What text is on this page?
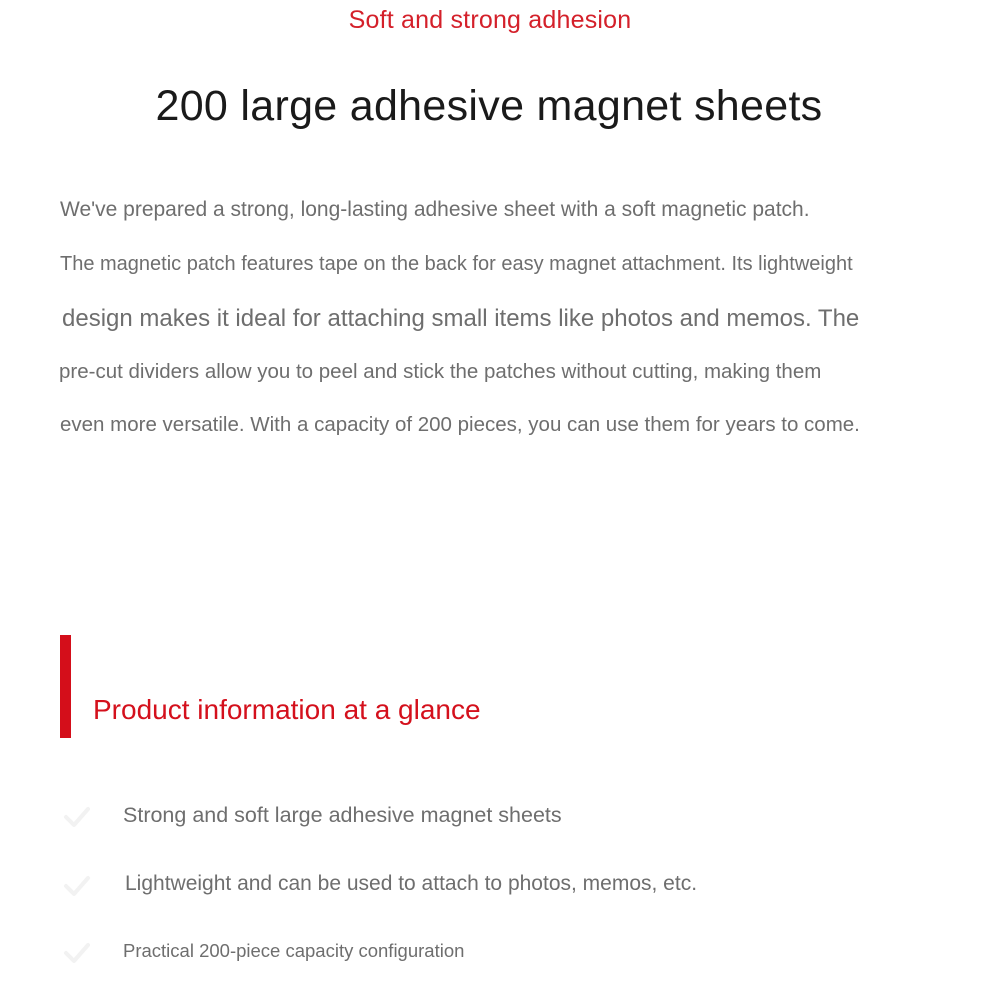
Soft and strong adhesion
200 large adhesive magnet sheets
We've prepared a strong, long-lasting adhesive sheet with a soft magnetic patch.
The magnetic patch features tape on the back for easy magnet attachment. Its lightweight
design makes it ideal for attaching small items like photos and memos. The
pre-cut dividers allow you to peel and stick the patches without cutting, making them
even more versatile. With a capacity of 200 pieces, you can use them for years to come.
Product information at a glance
Strong and soft large adhesive magnet sheets
Lightweight and can be used to attach to photos, memos, etc.
Practical 200-piece capacity configuration
